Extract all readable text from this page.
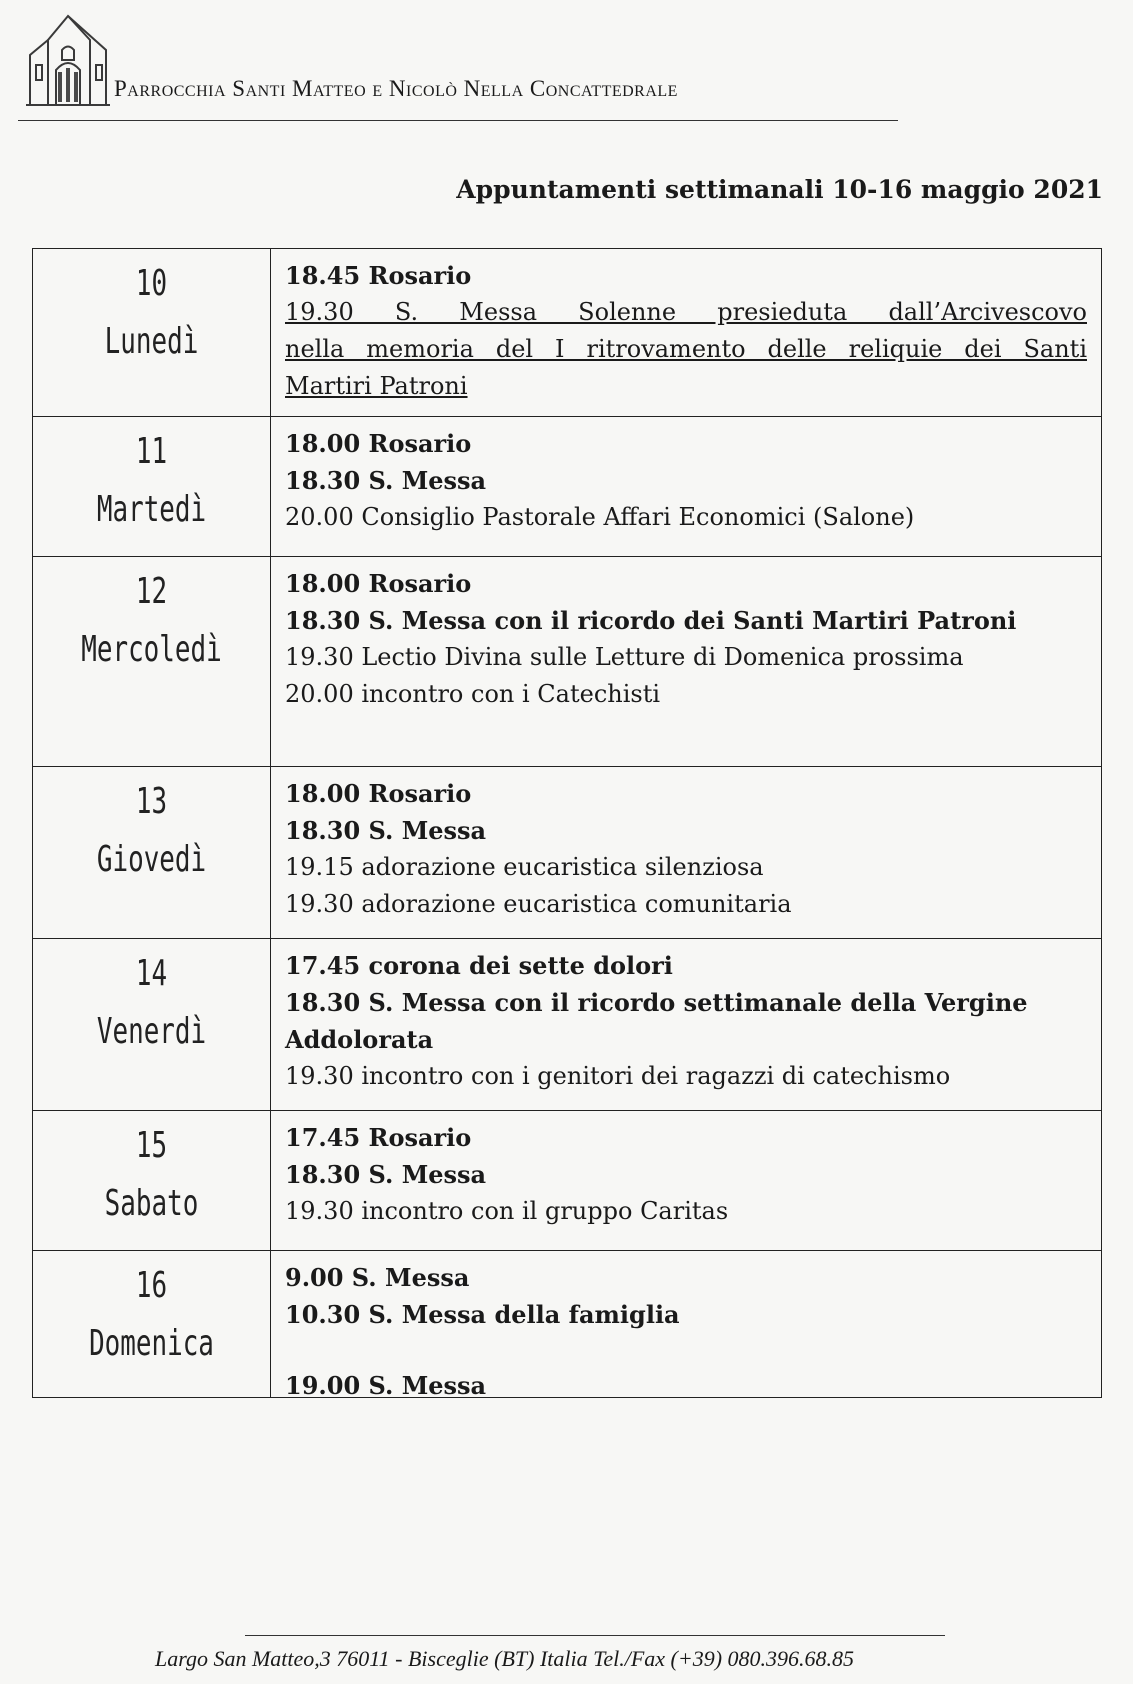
Parrocchia Santi Matteo e Nicolò Nella Concattedrale
Appuntamenti settimanali 10-16 maggio 2021
10
Lunedì
18.45 Rosario
19.30 S. Messa Solenne presieduta dall’Arcivescovo
nella memoria del I ritrovamento delle reliquie dei Santi
Martiri Patroni
11
Martedì
18.00 Rosario
18.30 S. Messa
20.00 Consiglio Pastorale Affari Economici (Salone)
12
Mercoledì
18.00 Rosario
18.30 S. Messa con il ricordo dei Santi Martiri Patroni
19.30 Lectio Divina sulle Letture di Domenica prossima
20.00 incontro con i Catechisti
13
Giovedì
18.00 Rosario
18.30 S. Messa
19.15 adorazione eucaristica silenziosa
19.30 adorazione eucaristica comunitaria
14
Venerdì
17.45 corona dei sette dolori
18.30 S. Messa con il ricordo settimanale della Vergine Addolorata
19.30 incontro con i genitori dei ragazzi di catechismo
15
Sabato
17.45 Rosario
18.30 S. Messa
19.30 incontro con il gruppo Caritas
16
Domenica
9.00 S. Messa
10.30 S. Messa della famiglia
19.00 S. Messa
Largo San Matteo,3 76011 - Bisceglie (BT) Italia Tel./Fax (+39) 080.396.68.85
